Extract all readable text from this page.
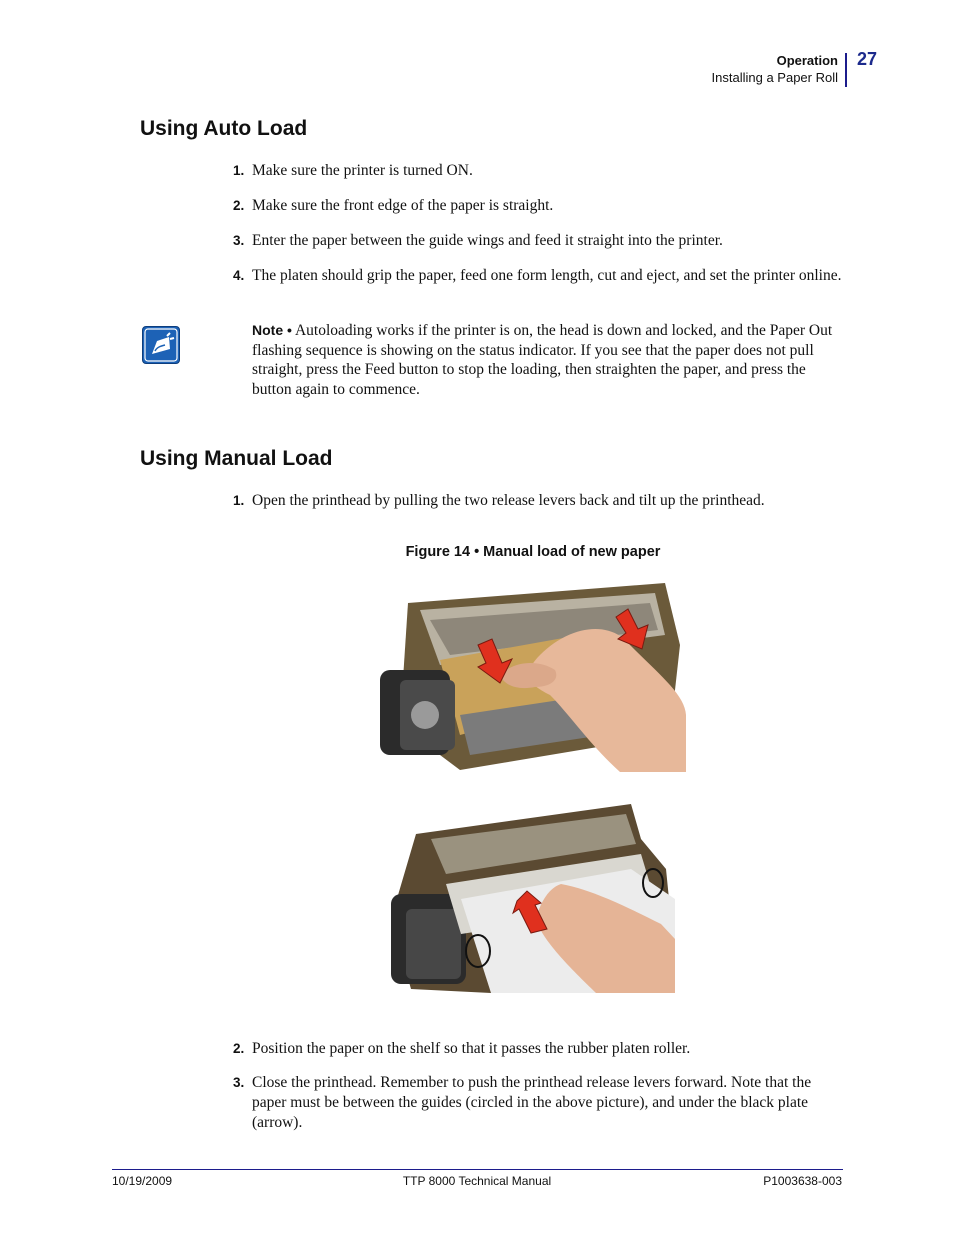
Operation
Installing a Paper Roll
27
Using Auto Load
1. Make sure the printer is turned ON.
2. Make sure the front edge of the paper is straight.
3. Enter the paper between the guide wings and feed it straight into the printer.
4. The platen should grip the paper, feed one form length, cut and eject, and set the printer online.
Note • Autoloading works if the printer is on, the head is down and locked, and the Paper Out flashing sequence is showing on the status indicator. If you see that the paper does not pull straight, press the Feed button to stop the loading, then straighten the paper, and press the button again to commence.
Using Manual Load
1. Open the printhead by pulling the two release levers back and tilt up the printhead.
Figure 14 • Manual load of new paper
2. Position the paper on the shelf so that it passes the rubber platen roller.
3. Close the printhead. Remember to push the printhead release levers forward. Note that the paper must be between the guides (circled in the above picture), and under the black plate (arrow).
10/19/2009	TTP 8000 Technical Manual	P1003638-003
